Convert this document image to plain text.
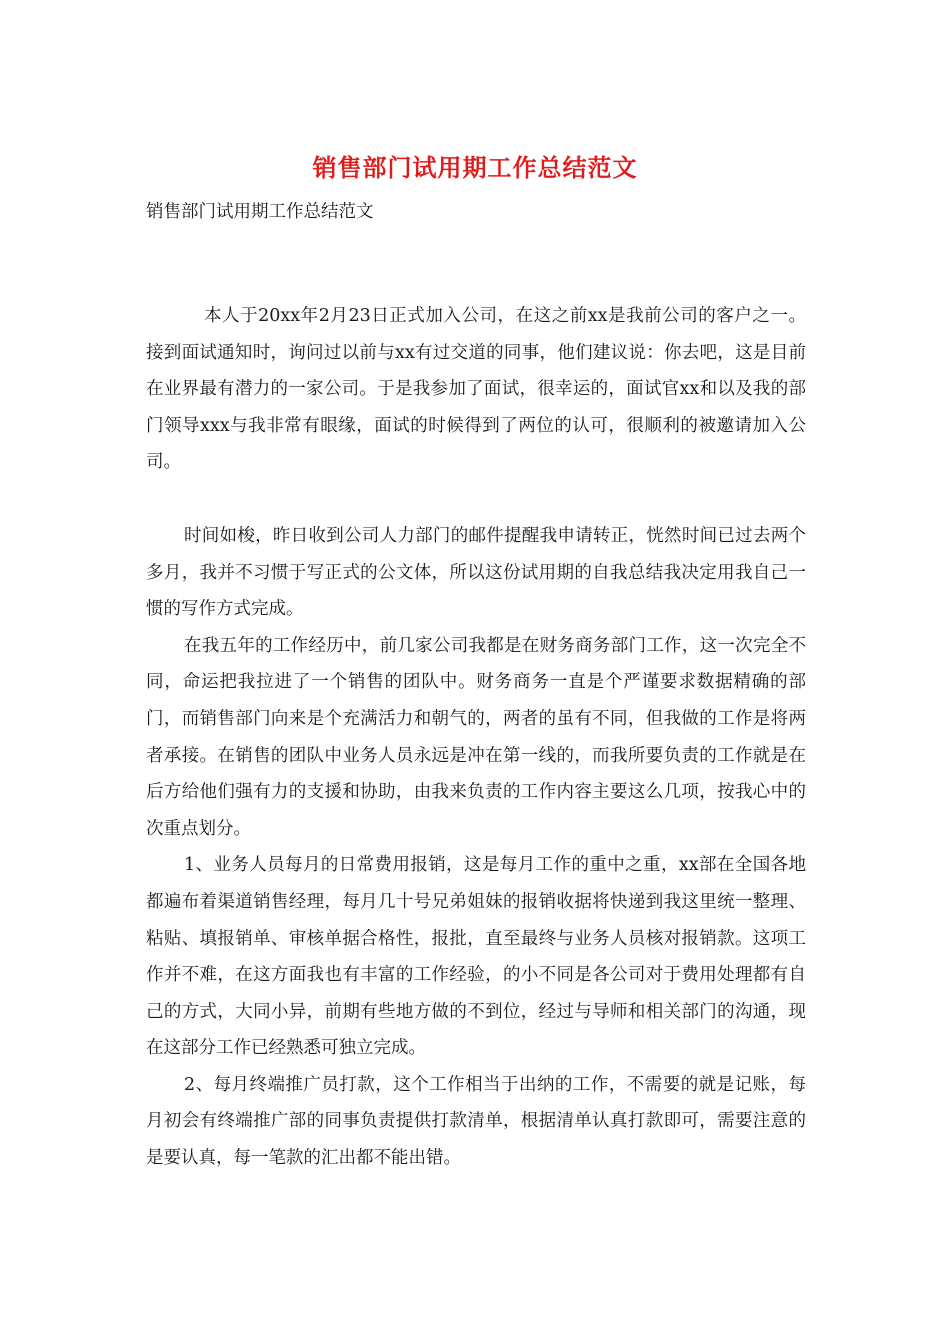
销售部门试用期工作总结范文

销售部门试用期工作总结范文

本人于20xx年2月23日正式加入公司，在这之前xx是我前公司的客户之一。接到面试通知时，询问过以前与xx有过交道的同事，他们建议说：你去吧，这是目前在业界最有潜力的一家公司。于是我参加了面试，很幸运的，面试官xx和以及我的部门领导xxx与我非常有眼缘，面试的时候得到了两位的认可，很顺利的被邀请加入公司。

时间如梭，昨日收到公司人力部门的邮件提醒我申请转正，恍然时间已过去两个多月，我并不习惯于写正式的公文体，所以这份试用期的自我总结我决定用我自己一惯的写作方式完成。

在我五年的工作经历中，前几家公司我都是在财务商务部门工作，这一次完全不同，命运把我拉进了一个销售的团队中。财务商务一直是个严谨要求数据精确的部门，而销售部门向来是个充满活力和朝气的，两者的虽有不同，但我做的工作是将两者承接。在销售的团队中业务人员永远是冲在第一线的，而我所要负责的工作就是在后方给他们强有力的支援和协助，由我来负责的工作内容主要这么几项，按我心中的次重点划分。

1、业务人员每月的日常费用报销，这是每月工作的重中之重，xx部在全国各地都遍布着渠道销售经理，每月几十号兄弟姐妹的报销收据将快递到我这里统一整理、粘贴、填报销单、审核单据合格性，报批，直至最终与业务人员核对报销款。这项工作并不难，在这方面我也有丰富的工作经验，的小不同是各公司对于费用处理都有自己的方式，大同小异，前期有些地方做的不到位，经过与导师和相关部门的沟通，现在这部分工作已经熟悉可独立完成。

2、每月终端推广员打款，这个工作相当于出纳的工作，不需要的就是记账，每月初会有终端推广部的同事负责提供打款清单，根据清单认真打款即可，需要注意的是要认真，每一笔款的汇出都不能出错。
